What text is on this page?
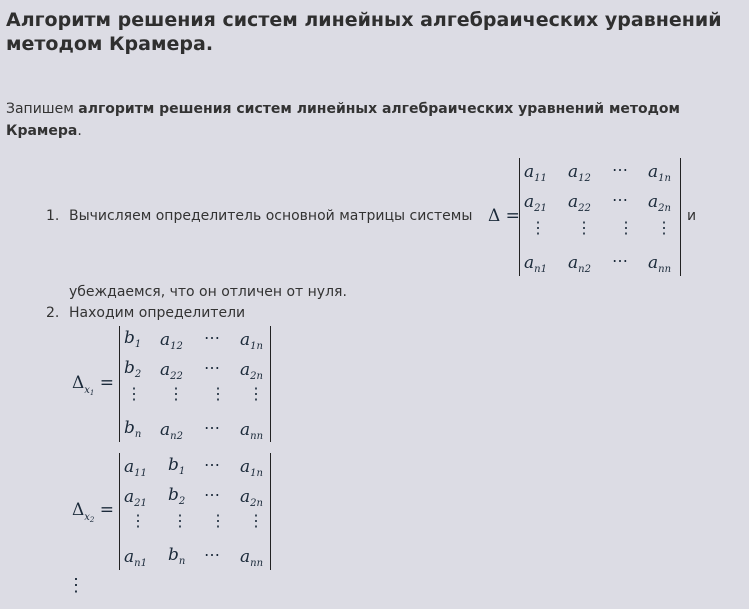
Алгоритм решения систем линейных алгебраических уравнений методом Крамера.

Запишем алгоритм решения систем линейных алгебраических уравнений методом Крамера.

1. Вычисляем определитель основной матрицы системы Δ =
$a_{11}$ $a_{12}$ ⋯ $a_{1n}$
$a_{21}$ $a_{22}$ ⋯ $a_{2n}$
⋮ ⋮ ⋮ ⋮
$a_{n1}$ $a_{n2}$ ⋯ $a_{nn}$
и
убеждаемся, что он отличен от нуля.
2. Находим определители
$\Delta_{x_1}$ =
$b_1$ $a_{12}$ ⋯ $a_{1n}$
$b_2$ $a_{22}$ ⋯ $a_{2n}$
⋮ ⋮ ⋮ ⋮
$b_n$ $a_{n2}$ ⋯ $a_{nn}$
$\Delta_{x_2}$ =
$a_{11}$ $b_1$ ⋯ $a_{1n}$
$a_{21}$ $b_2$ ⋯ $a_{2n}$
⋮ ⋮ ⋮ ⋮
$a_{n1}$ $b_n$ ⋯ $a_{nn}$
⋮
